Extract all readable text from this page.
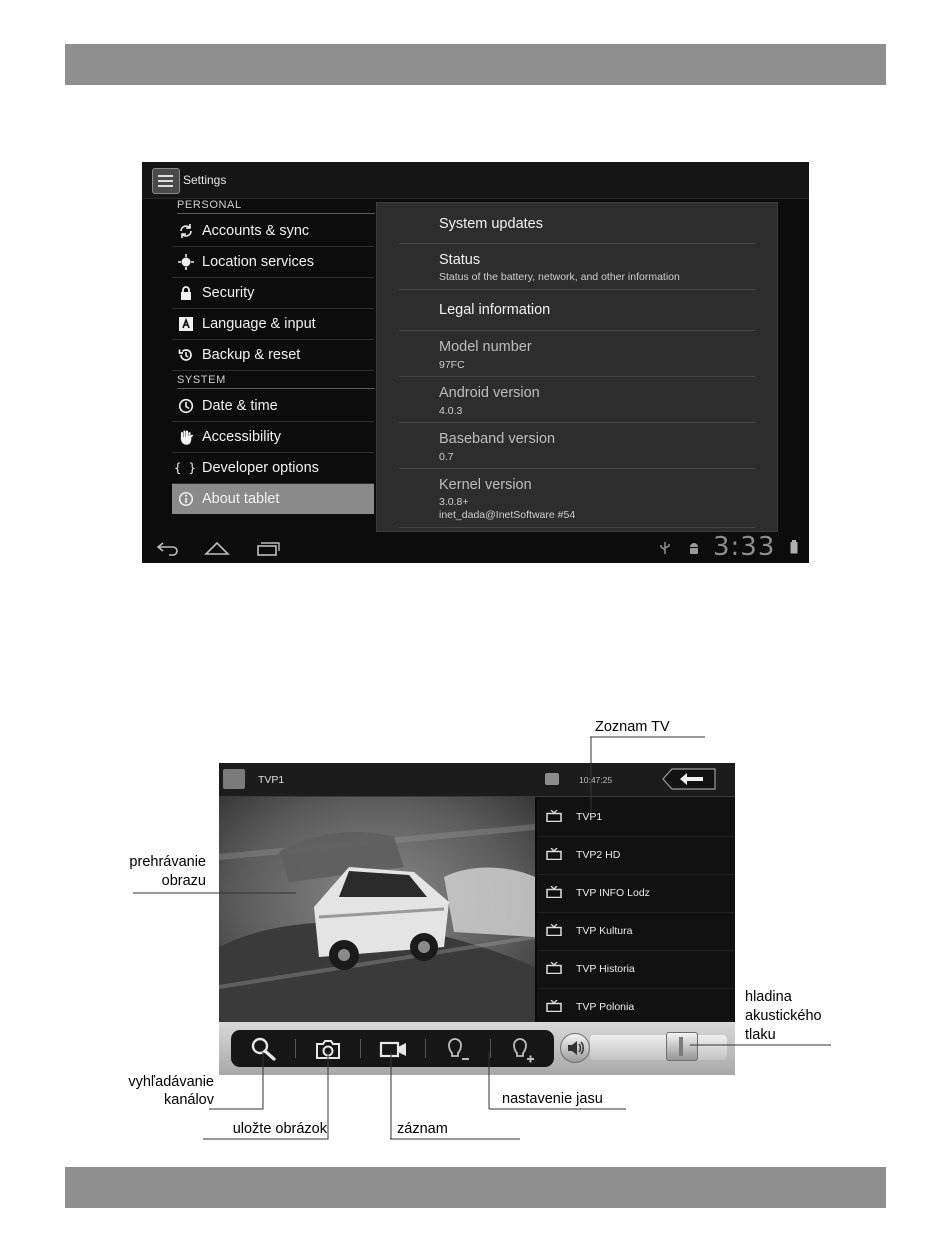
Settings
PERSONAL
Accounts & sync
Location services
Security
Language & input
Backup & reset
SYSTEM
Date & time
Accessibility
{ } Developer options
About tablet
System updates
Status
Status of the battery, network, and other information
Legal information
Model number
97FC
Android version
4.0.3
Baseband version
0.7
Kernel version
3.0.8+
inet_dada@InetSoftware #54
3:33
TVP1	10:47:25
TVP1
TVP2 HD
TVP INFO Lodz
TVP Kultura
TVP Historia
TVP Polonia
Zoznam TV
prehrávanie
obrazu
vyhľadávanie
kanálov
uložte obrázok	záznam
nastavenie jasu
hladina
akustického
tlaku
